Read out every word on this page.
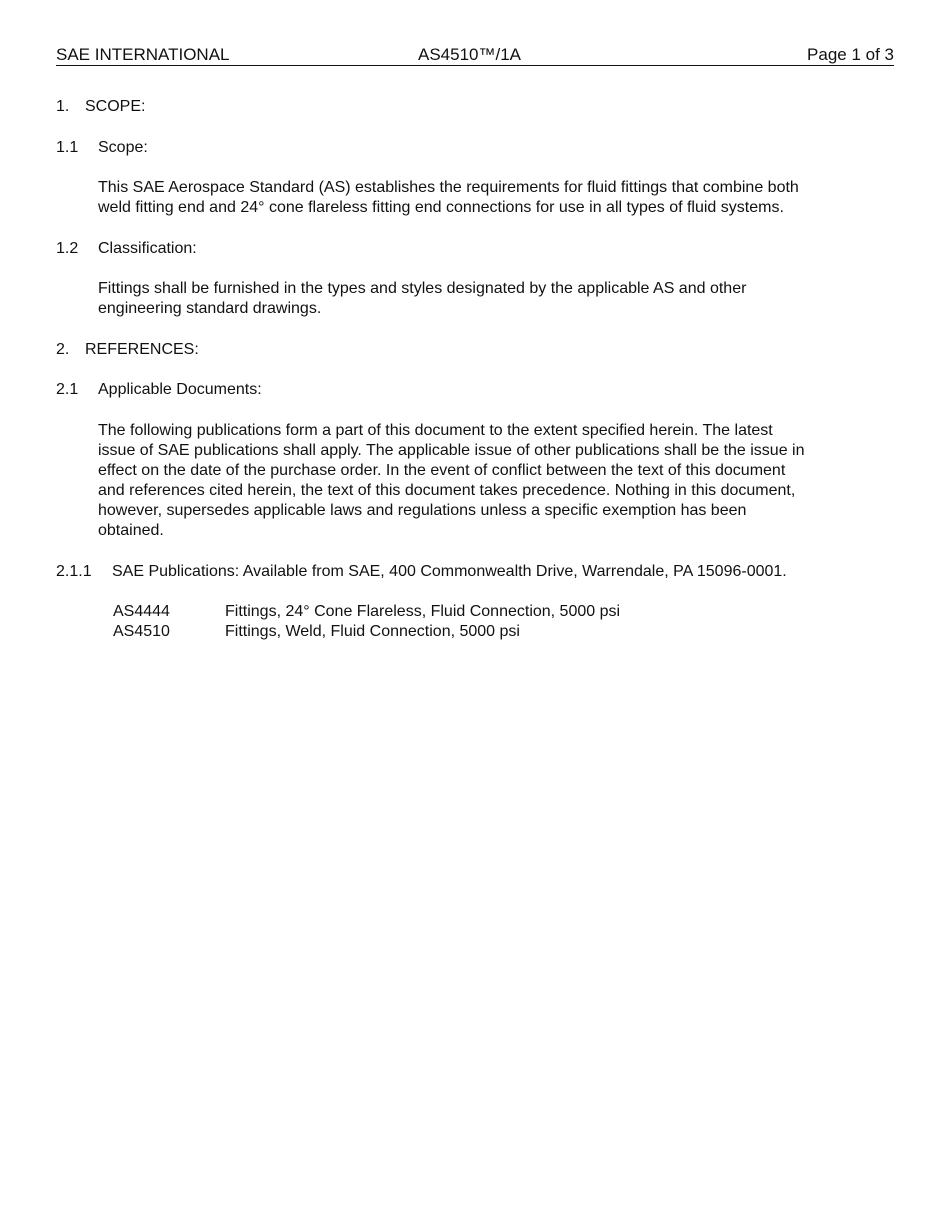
SAE INTERNATIONAL	AS4510™/1A	Page 1 of 3
1. SCOPE:
1.1 Scope:
This SAE Aerospace Standard (AS) establishes the requirements for fluid fittings that combine both
weld fitting end and 24° cone flareless fitting end connections for use in all types of fluid systems.
1.2 Classification:
Fittings shall be furnished in the types and styles designated by the applicable AS and other
engineering standard drawings.
2. REFERENCES:
2.1 Applicable Documents:
The following publications form a part of this document to the extent specified herein. The latest
issue of SAE publications shall apply. The applicable issue of other publications shall be the issue in
effect on the date of the purchase order. In the event of conflict between the text of this document
and references cited herein, the text of this document takes precedence. Nothing in this document,
however, supersedes applicable laws and regulations unless a specific exemption has been
obtained.
2.1.1 SAE Publications: Available from SAE, 400 Commonwealth Drive, Warrendale, PA 15096-0001.
AS4444	Fittings, 24° Cone Flareless, Fluid Connection, 5000 psi
AS4510	Fittings, Weld, Fluid Connection, 5000 psi
